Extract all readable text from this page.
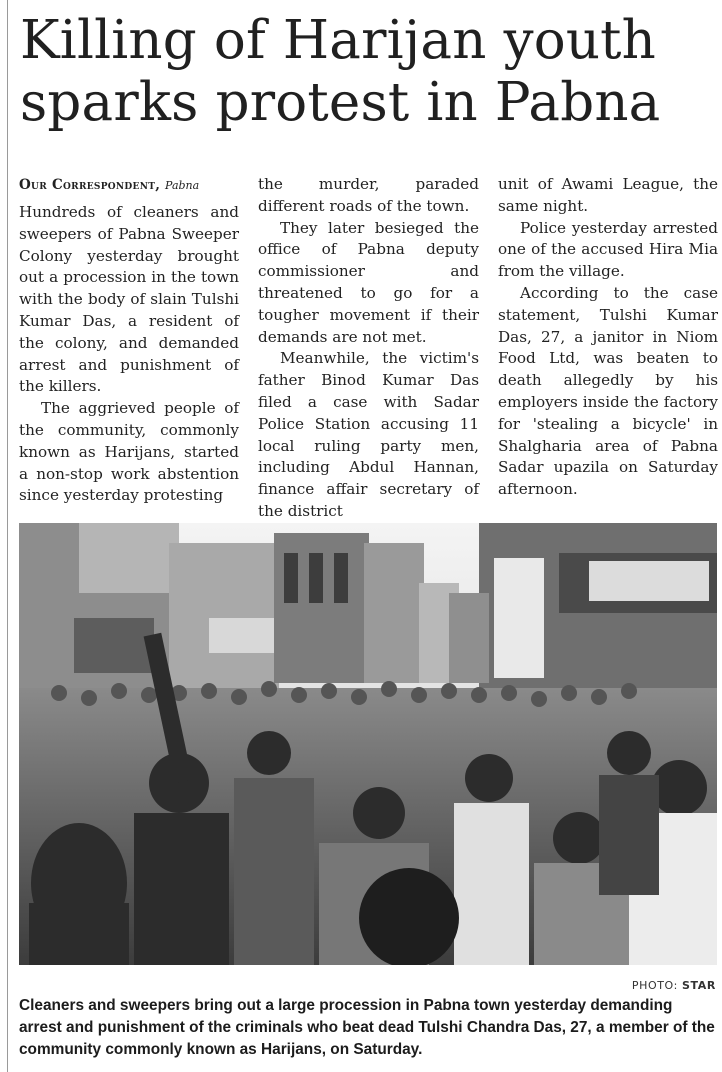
Killing of Harijan youth sparks protest in Pabna

Our Correspondent, Pabna

Hundreds of cleaners and sweepers of Pabna Sweeper Colony yesterday brought out a procession in the town with the body of slain Tulshi Kumar Das, a resident of the colony, and demanded arrest and punishment of the killers.

The aggrieved people of the community, commonly known as Harijans, started a non-stop work abstention since yesterday protesting

the murder, paraded different roads of the town.

They later besieged the office of Pabna deputy commissioner and threatened to go for a tougher movement if their demands are not met.

Meanwhile, the victim's father Binod Kumar Das filed a case with Sadar Police Station accusing 11 local ruling party men, including Abdul Hannan, finance affair secretary of the district

unit of Awami League, the same night.

Police yesterday arrested one of the accused Hira Mia from the village.

According to the case statement, Tulshi Kumar Das, 27, a janitor in Niom Food Ltd, was beaten to death allegedly by his employers inside the factory for 'stealing a bicycle' in Shalgharia area of Pabna Sadar upazila on Saturday afternoon.

PHOTO: STAR

Cleaners and sweepers bring out a large procession in Pabna town yesterday demanding arrest and punishment of the criminals who beat dead Tulshi Chandra Das, 27, a member of the community commonly known as Harijans, on Saturday.
